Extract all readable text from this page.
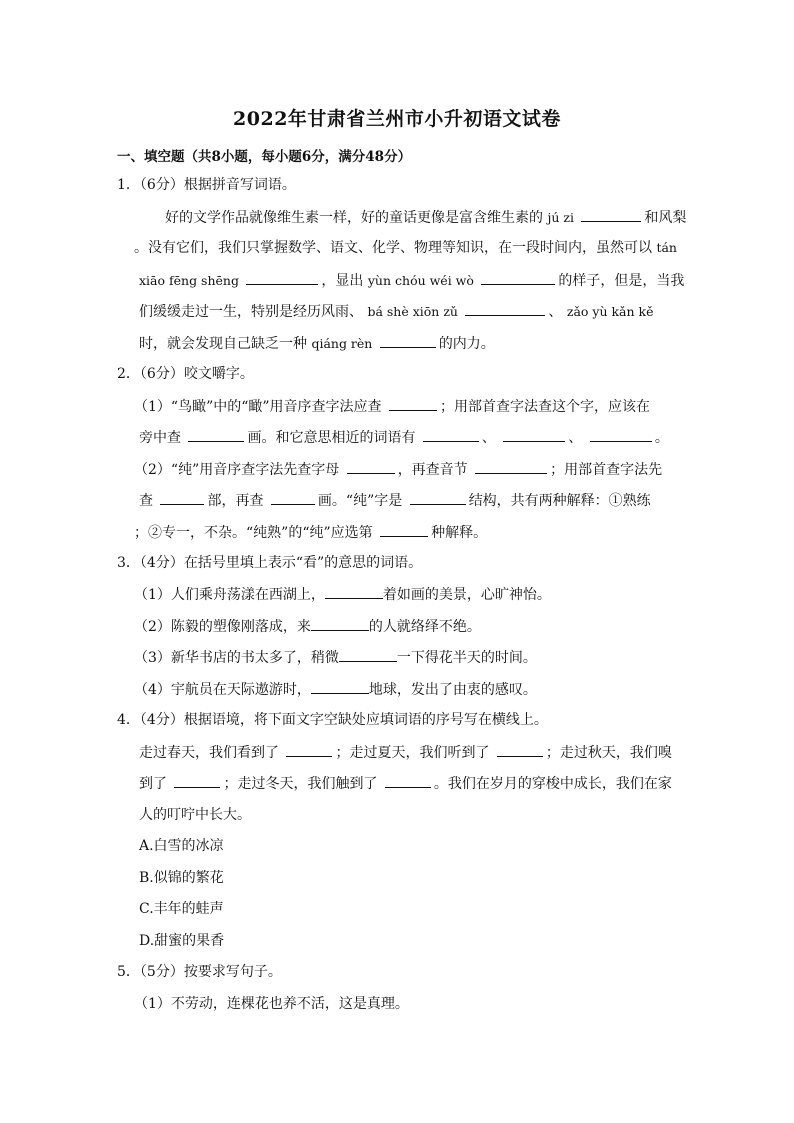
2022年甘肃省兰州市小升初语文试卷
一、填空题（共8小题，每小题6分，满分48分）
1．（6分）根据拼音写词语。
好的文学作品就像维生素一样，好的童话更像是富含维生素的 jú zi	和风梨
。没有它们，我们只掌握数学、语文、化学、物理等知识，在一段时间内，虽然可以 tán
xiāo fēng shēng	，显出 yùn chóu wéi wò	的样子，但是，当我
们缓缓走过一生，特别是经历风雨、 bá shè xiōn zǔ	、 zǎo yù kǎn kě
时，就会发现自己缺乏一种 qiáng rèn	的内力。
2．（6分）咬文嚼字。
（1）“鸟瞰”中的“瞰”用音序查字法应查	；用部首查字法查这个字，应该在
旁中查	画。和它意思相近的词语有	、	、	。
（2）“纯”用音序查字法先查字母	，再查音节	；用部首查字法先
查	部，再查	画。“纯”字是	结构，共有两种解释：①熟练
；②专一，不杂。“纯熟”的“纯”应选第	种解释。
3．（4分）在括号里填上表示“看”的意思的词语。
（1）人们乘舟荡漾在西湖上，	着如画的美景，心旷神怡。
（2）陈毅的塑像刚落成，来	的人就络绎不绝。
（3）新华书店的书太多了，稍微	一下得花半天的时间。
（4）宇航员在天际遨游时，	地球，发出了由衷的感叹。
4．（4分）根据语境，将下面文字空缺处应填词语的序号写在横线上。
走过春天，我们看到了	；走过夏天，我们听到了	；走过秋天，我们嗅
到了	；走过冬天，我们触到了	。我们在岁月的穿梭中成长，我们在家
人的叮咛中长大。
A.白雪的冰凉
B.似锦的繁花
C.丰年的蛙声
D.甜蜜的果香
5．（5分）按要求写句子。
（1）不劳动，连棵花也养不活，这是真理。
